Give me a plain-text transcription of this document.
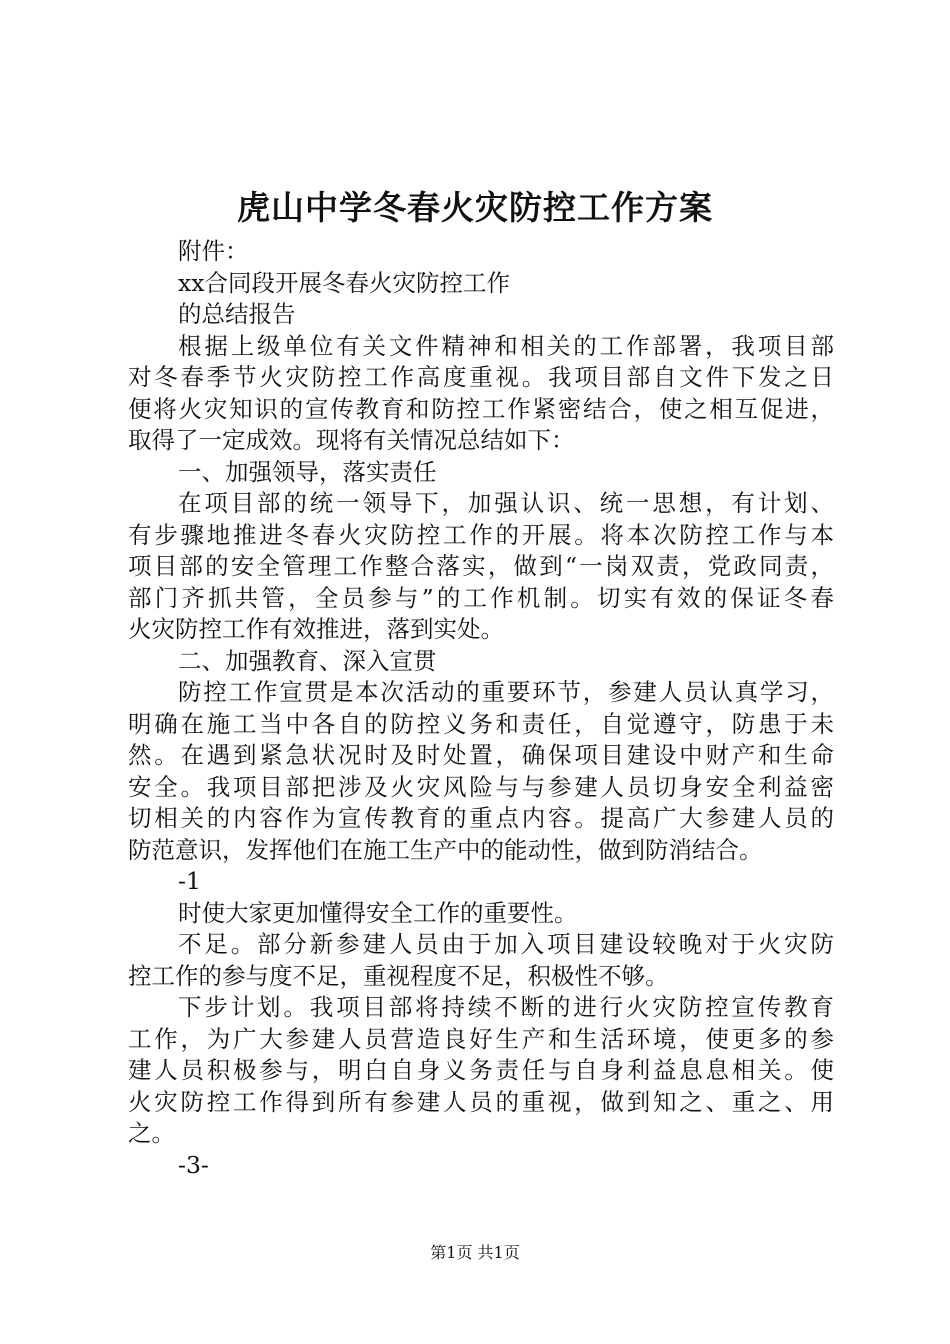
虎山中学冬春火灾防控工作方案
附件：
xx合同段开展冬春火灾防控工作
的总结报告
根据上级单位有关文件精神和相关的工作部署，我项目部
对冬春季节火灾防控工作高度重视。我项目部自文件下发之日
便将火灾知识的宣传教育和防控工作紧密结合，使之相互促进，
取得了一定成效。现将有关情况总结如下：
一、加强领导，落实责任
在项目部的统一领导下，加强认识、统一思想，有计划、
有步骤地推进冬春火灾防控工作的开展。将本次防控工作与本
项目部的安全管理工作整合落实，做到“一岗双责，党政同责，
部门齐抓共管，全员参与”的工作机制。切实有效的保证冬春
火灾防控工作有效推进，落到实处。
二、加强教育、深入宣贯
防控工作宣贯是本次活动的重要环节，参建人员认真学习，
明确在施工当中各自的防控义务和责任，自觉遵守，防患于未
然。在遇到紧急状况时及时处置，确保项目建设中财产和生命
安全。我项目部把涉及火灾风险与与参建人员切身安全利益密
切相关的内容作为宣传教育的重点内容。提高广大参建人员的
防范意识，发挥他们在施工生产中的能动性，做到防消结合。
-1
时使大家更加懂得安全工作的重要性。
不足。部分新参建人员由于加入项目建设较晚对于火灾防
控工作的参与度不足，重视程度不足，积极性不够。
下步计划。我项目部将持续不断的进行火灾防控宣传教育
工作，为广大参建人员营造良好生产和生活环境，使更多的参
建人员积极参与，明白自身义务责任与自身利益息息相关。使
火灾防控工作得到所有参建人员的重视，做到知之、重之、用
之。
-3-
第1页 共1页
